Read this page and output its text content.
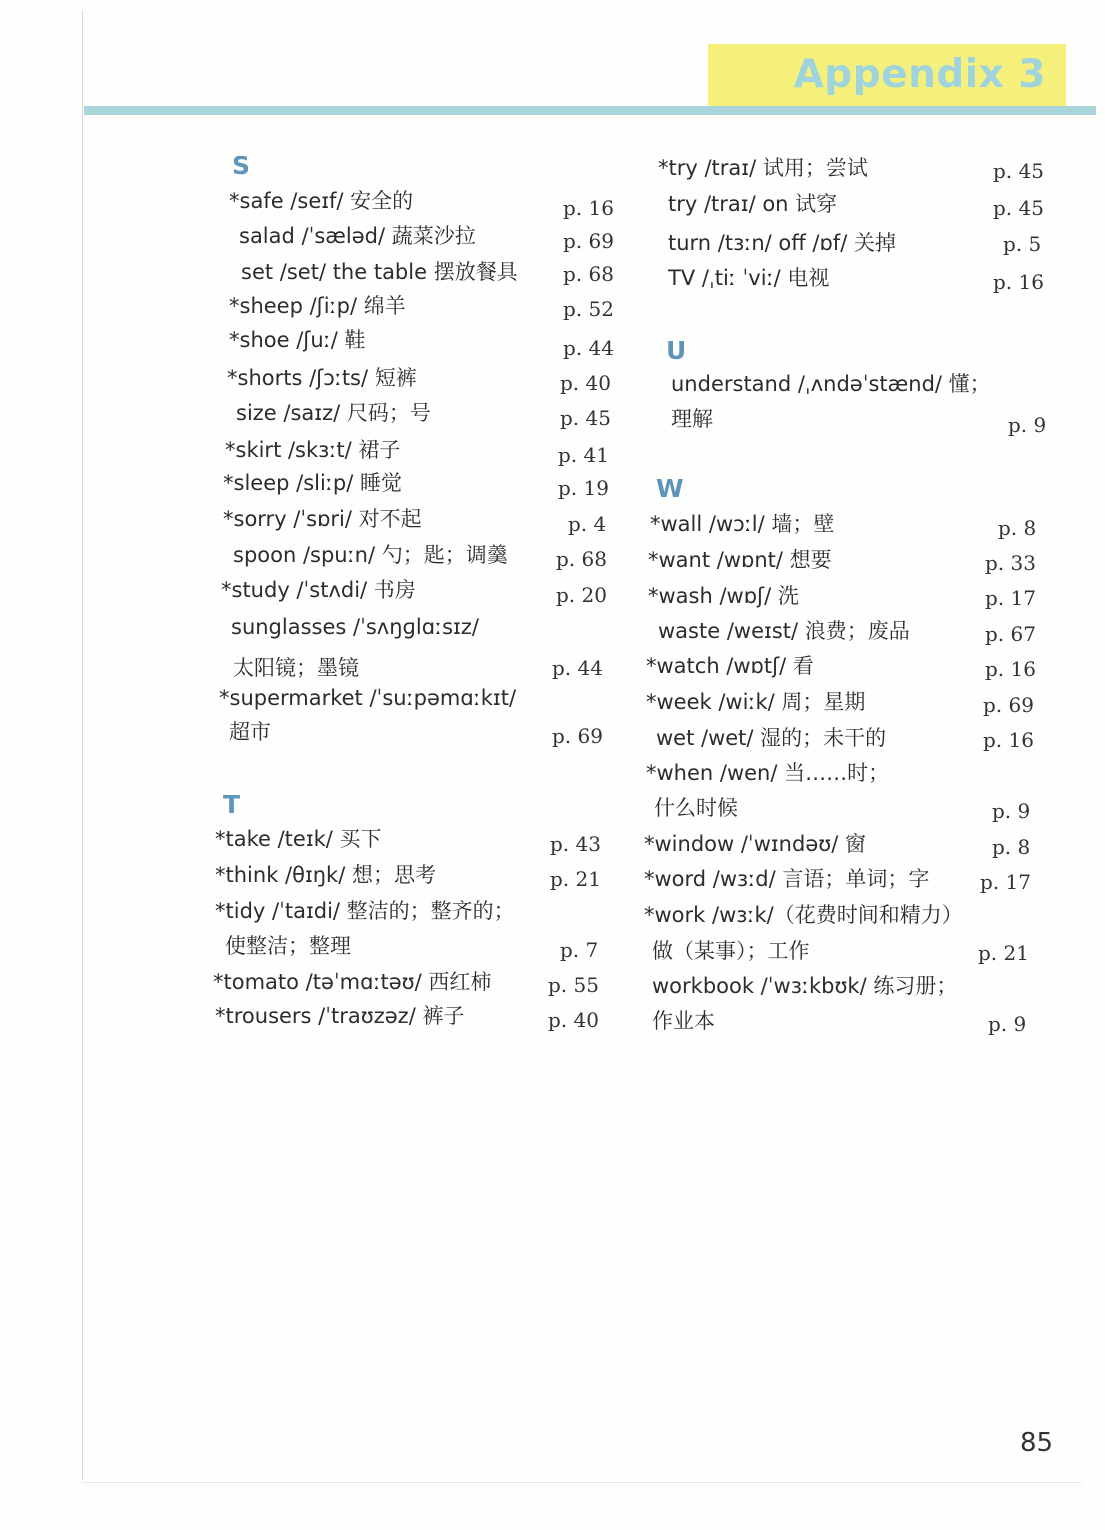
Appendix 3
S
*safe /seɪf/ 安全的	p. 16
salad /ˈsæləd/ 蔬菜沙拉	p. 69
set /set/ the table 摆放餐具 p. 68
*sheep /ʃiːp/ 绵羊	p. 52
*shoe /ʃuː/ 鞋	p. 44
*shorts /ʃɔːts/ 短裤	p. 40
size /saɪz/ 尺码；号	p. 45
*skirt /skɜːt/ 裙子	p. 41
*sleep /sliːp/ 睡觉	p. 19
*sorry /ˈsɒri/ 对不起	p. 4
spoon /spuːn/ 勺；匙；调羹 p. 68
*study /ˈstʌdi/ 书房	p. 20
sunglasses /ˈsʌŋɡlɑːsɪz/
太阳镜；墨镜	p. 44
*supermarket /ˈsuːpəmɑːkɪt/
超市	p. 69
T
*take /teɪk/ 买下	p. 43
*think /θɪŋk/ 想；思考	p. 21
*tidy /ˈtaɪdi/ 整洁的；整齐的；
使整洁；整理	p. 7
*tomato /təˈmɑːtəʊ/ 西红柿	p. 55
*trousers /ˈtraʊzəz/ 裤子	p. 40
*try /traɪ/ 试用；尝试	p. 45
try /traɪ/ on 试穿	p. 45
turn /tɜːn/ off /ɒf/ 关掉	p. 5
TV /ˌtiː ˈviː/ 电视	p. 16
U
understand /ˌʌndəˈstænd/ 懂；
理解	p. 9
W
*wall /wɔːl/ 墙；壁	p. 8
*want /wɒnt/ 想要	p. 33
*wash /wɒʃ/ 洗	p. 17
waste /weɪst/ 浪费；废品	p. 67
*watch /wɒtʃ/ 看	p. 16
*week /wiːk/ 周；星期	p. 69
wet /wet/ 湿的；未干的	p. 16
*when /wen/ 当……时；
什么时候	p. 9
*window /ˈwɪndəʊ/ 窗	p. 8
*word /wɜːd/ 言语；单词；字	p. 17
*work /wɜːk/（花费时间和精力）
做（某事）；工作	p. 21
workbook /ˈwɜːkbʊk/ 练习册；
作业本	p. 9
85
